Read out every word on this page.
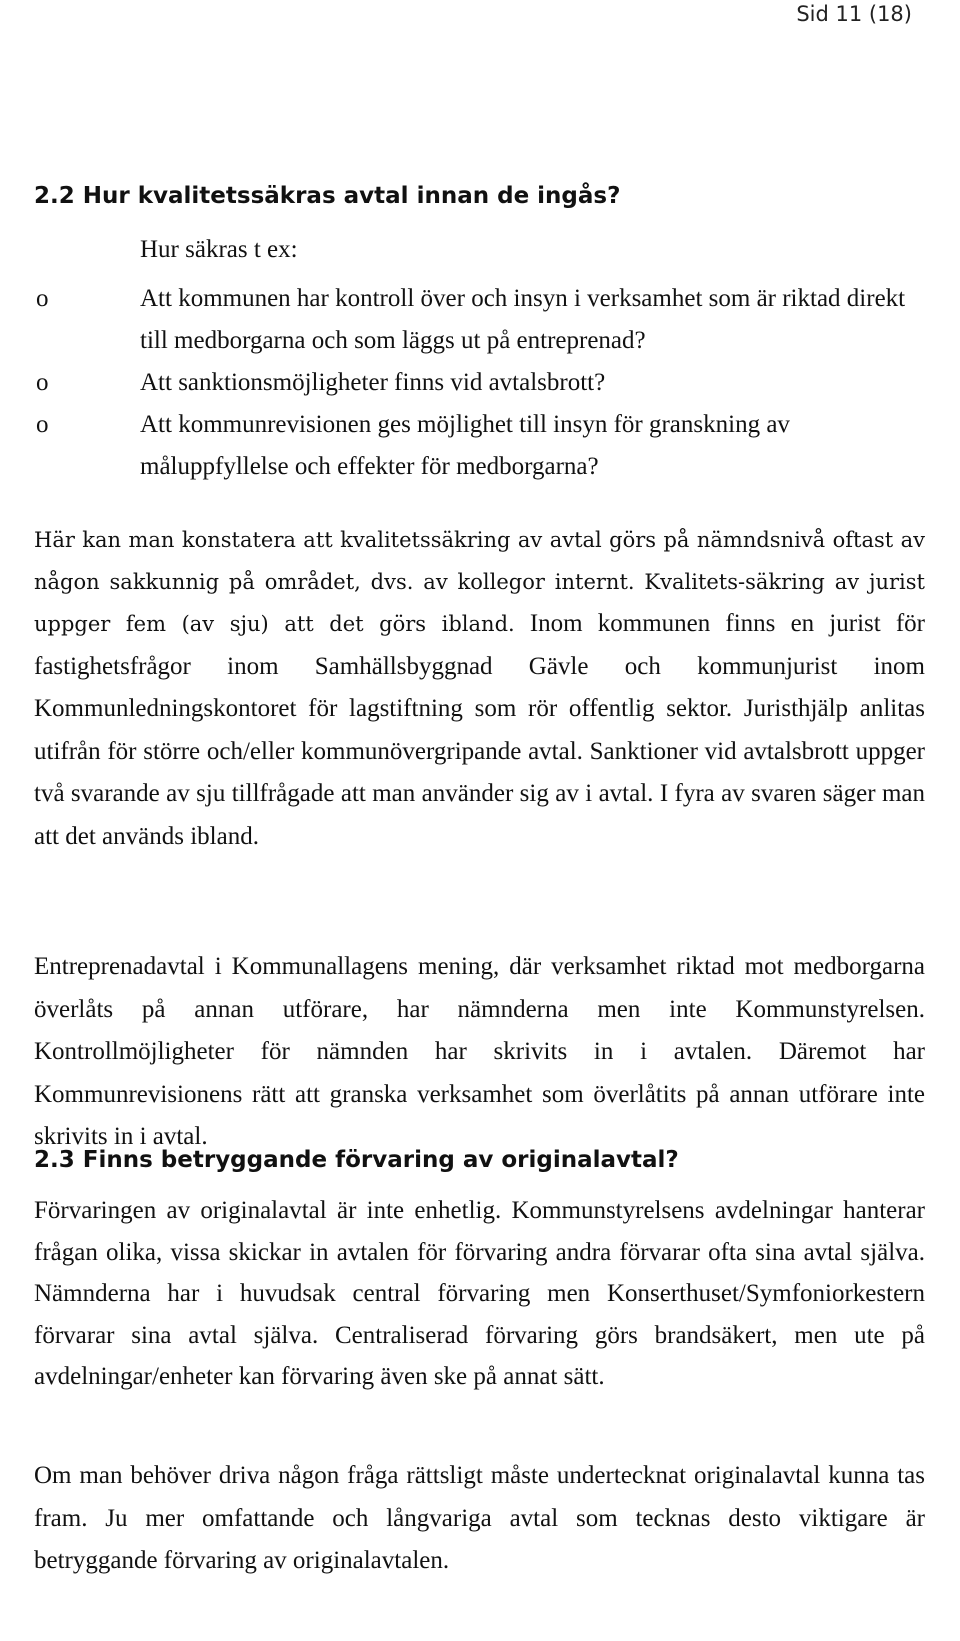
Sid 11 (18)
2.2 Hur kvalitetssäkras avtal innan de ingås?
Hur säkras t ex:
o	Att kommunen har kontroll över och insyn i verksamhet som är riktad direkt till medborgarna och som läggs ut på entreprenad?
o	Att sanktionsmöjligheter finns vid avtalsbrott?
o	Att kommunrevisionen ges möjlighet till insyn för granskning av måluppfyllelse och effekter för medborgarna?

Här kan man konstatera att kvalitetssäkring av avtal görs på nämndsnivå oftast av någon sakkunnig på området, dvs. av kollegor internt. Kvalitets-säkring av jurist uppger fem (av sju) att det görs ibland. Inom kommunen finns en jurist för fastighetsfrågor inom Samhällsbyggnad Gävle och kommunjurist inom Kommunledningskontoret för lagstiftning som rör offentlig sektor. Juristhjälp anlitas utifrån för större och/eller kommunövergripande avtal. Sanktioner vid avtalsbrott uppger två svarande av sju tillfrågade att man använder sig av i avtal. I fyra av svaren säger man att det används ibland.

Entreprenadavtal i Kommunallagens mening, där verksamhet riktad mot medborgarna överlåts på annan utförare, har nämnderna men inte Kommunstyrelsen. Kontrollmöjligheter för nämnden har skrivits in i avtalen. Däremot har Kommunrevisionens rätt att granska verksamhet som överlåtits på annan utförare inte skrivits in i avtal.

2.3 Finns betryggande förvaring av originalavtal?

Förvaringen av originalavtal är inte enhetlig. Kommunstyrelsens avdelningar hanterar frågan olika, vissa skickar in avtalen för förvaring andra förvarar ofta sina avtal själva. Nämnderna har i huvudsak central förvaring men Konserthuset/Symfoniorkestern förvarar sina avtal själva. Centraliserad förvaring görs brandsäkert, men ute på avdelningar/enheter kan förvaring även ske på annat sätt.

Om man behöver driva någon fråga rättsligt måste undertecknat originalavtal kunna tas fram. Ju mer omfattande och långvariga avtal som tecknas desto viktigare är betryggande förvaring av originalavtalen.
